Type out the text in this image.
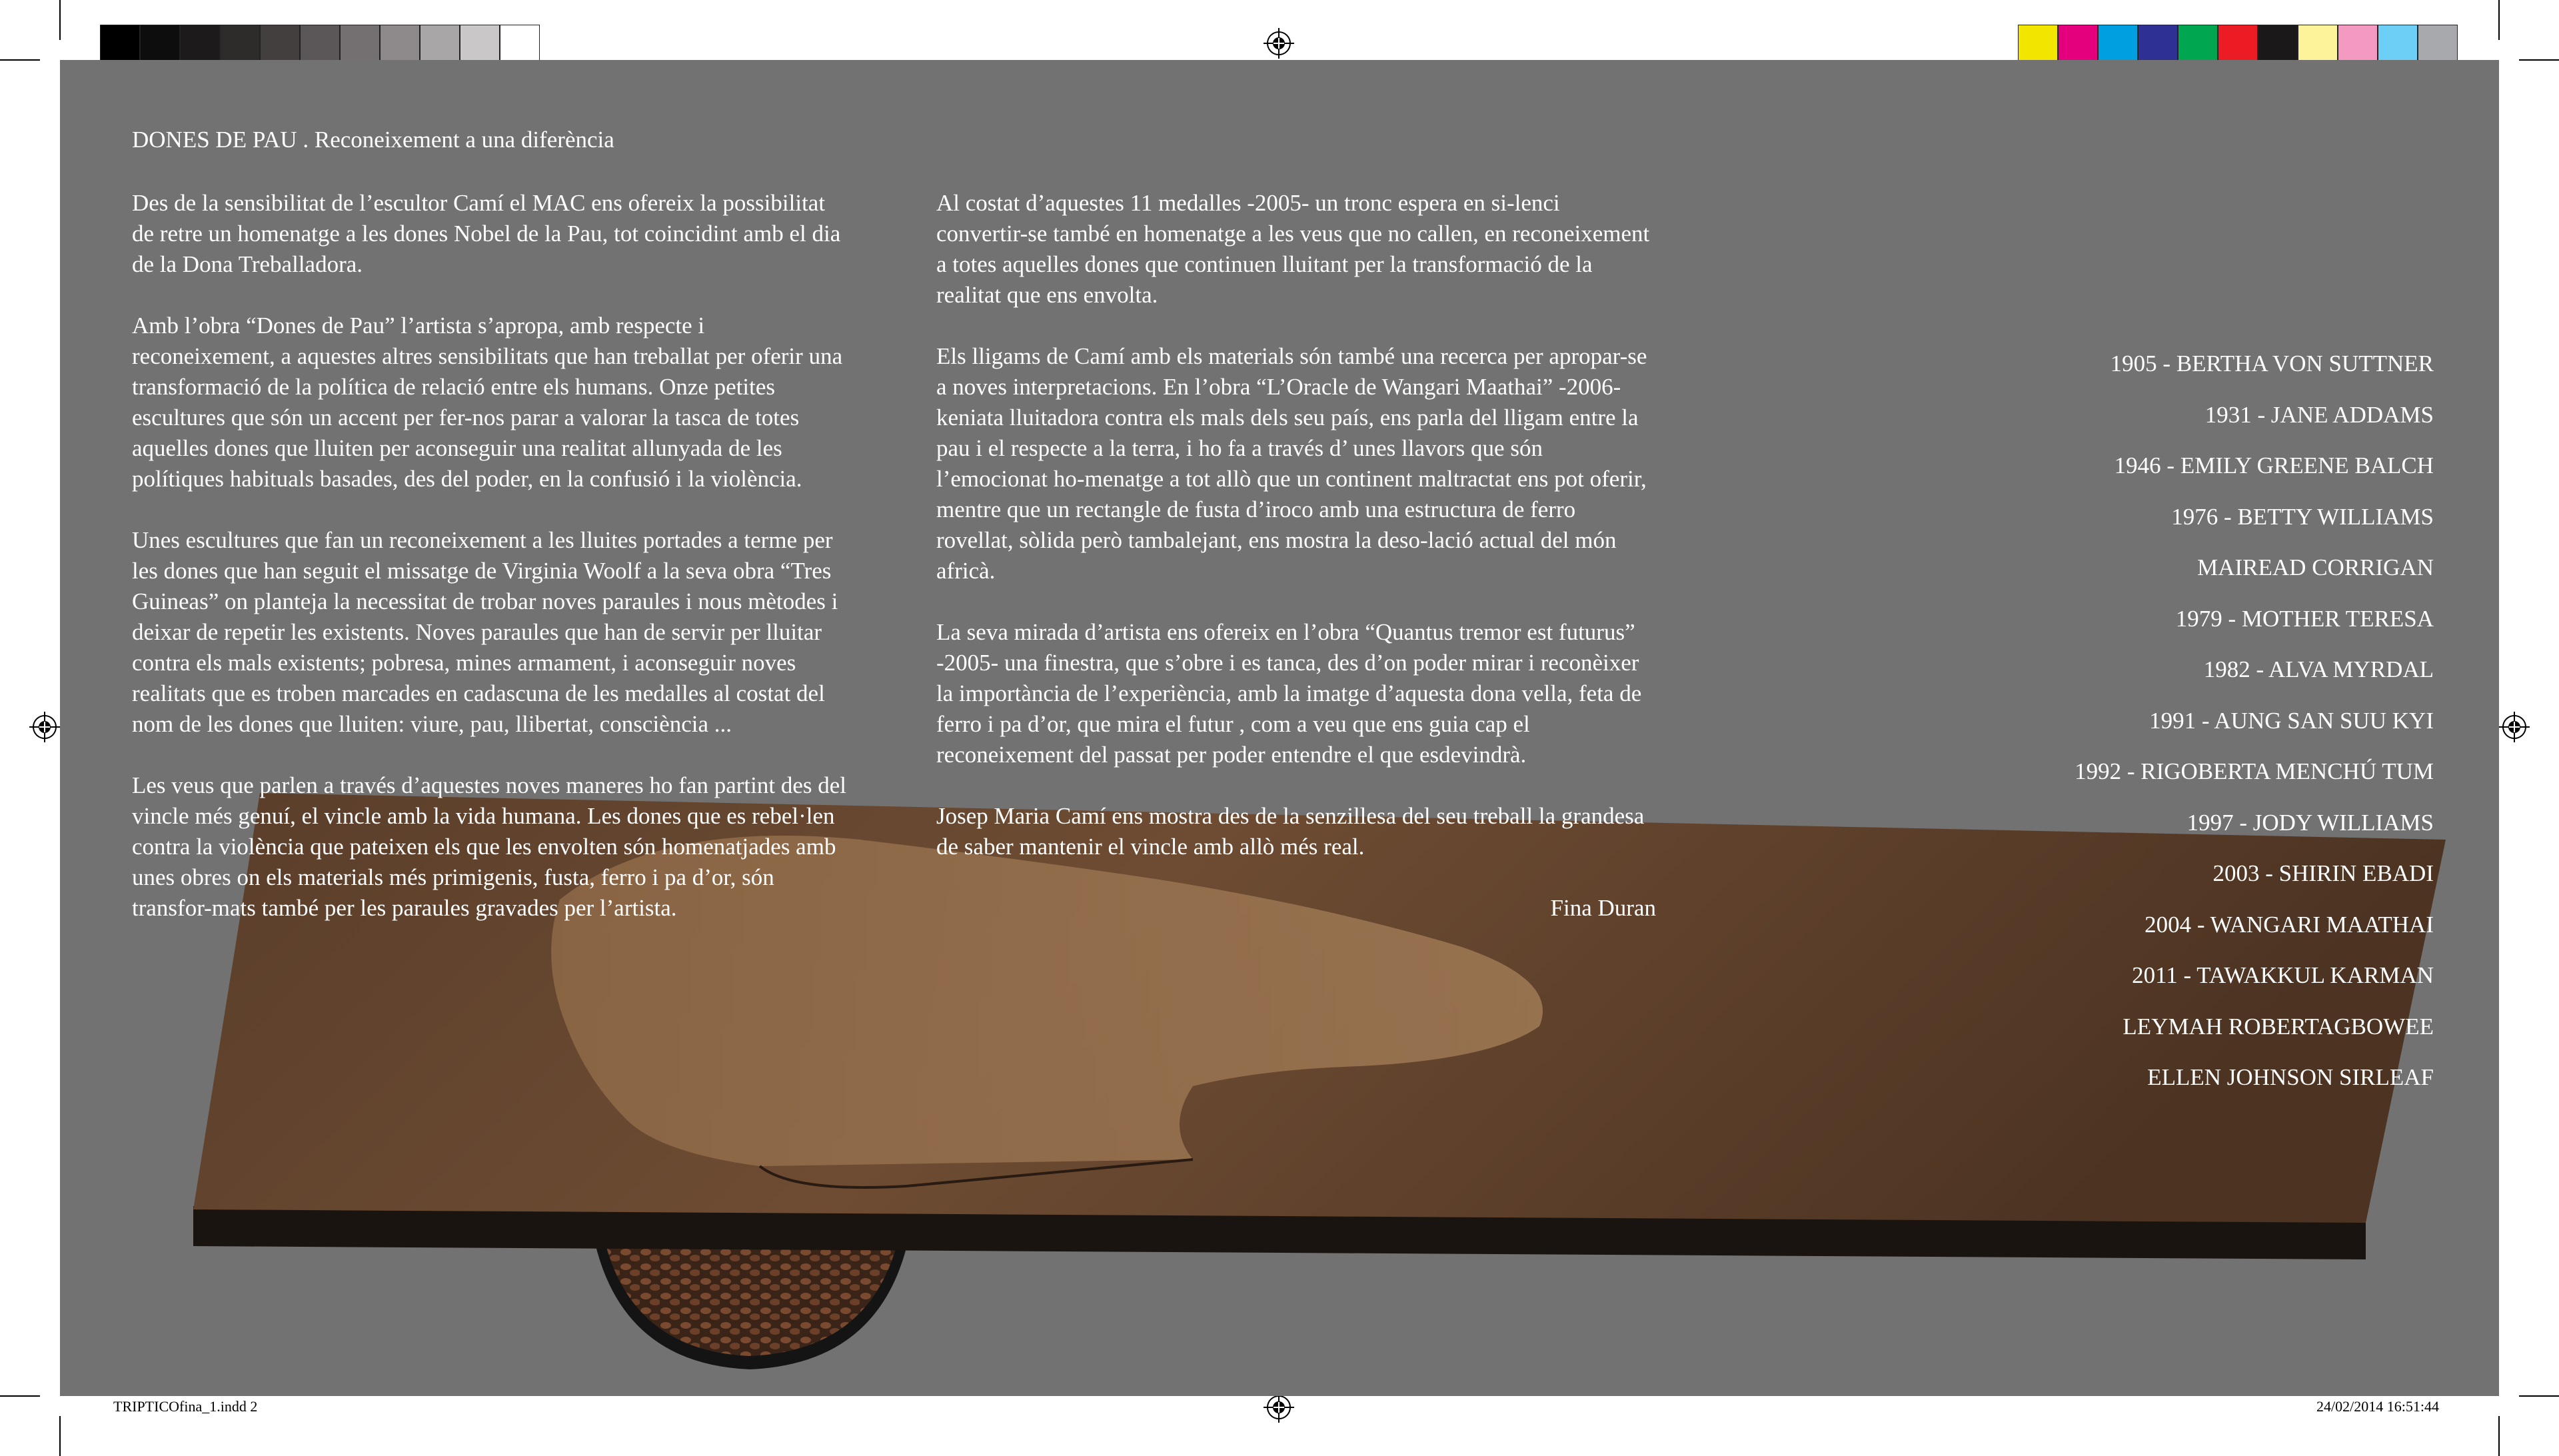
DONES DE PAU . Reconeixement a una diferència

Des de la sensibilitat de l’escultor Camí el MAC ens ofereix la possibilitat de retre un homenatge a les dones Nobel de la Pau, tot coincidint amb el dia de la Dona Treballadora.

Amb l’obra “Dones de Pau” l’artista s’apropa, amb respecte i reconeixement, a aquestes altres sensibilitats que han treballat per oferir una transformació de la política de relació entre els humans. Onze petites escultures que són un accent per fer-nos parar a valorar la tasca de totes aquelles dones que lluiten per aconseguir una realitat allunyada de les polítiques habituals basades, des del poder, en la confusió i la violència.

Unes escultures que fan un reconeixement a les lluites portades a terme per les dones que han seguit el missatge de Virginia Woolf a la seva obra “Tres Guineas” on planteja la necessitat de trobar noves paraules i nous mètodes i deixar de repetir les existents. Noves paraules que han de servir per lluitar contra els mals existents; pobresa, mines armament, i aconseguir noves realitats que es troben marcades en cadascuna de les medalles al costat del nom de les dones que lluiten: viure, pau, llibertat, consciència ...

Les veus que parlen a través d’aquestes noves maneres ho fan partint des del vincle més genuí, el vincle amb la vida humana. Les dones que es rebel·len contra la violència que pateixen els que les envolten són homenatjades amb unes obres on els materials més primigenis, fusta, ferro i pa d’or, són transfor-mats també per les paraules gravades per l’artista.

Al costat d’aquestes 11 medalles -2005- un tronc espera en si-lenci convertir-se també en homenatge a les veus que no callen, en reconeixement a totes aquelles dones que continuen lluitant per la transformació de la realitat que ens envolta.

Els lligams de Camí amb els materials són també una recerca per apropar-se a noves interpretacions. En l’obra “L’Oracle de Wangari Maathai” -2006- keniata lluitadora contra els mals dels seu país, ens parla del lligam entre la pau i el respecte a la terra, i ho fa a través d’ unes llavors que són l’emocionat ho-menatge a tot allò que un continent maltractat ens pot oferir, mentre que un rectangle de fusta d’iroco amb una estructura de ferro rovellat, sòlida però tambalejant, ens mostra la deso-lació actual del món africà.

La seva mirada d’artista ens ofereix en l’obra “Quantus tremor est futurus” -2005- una finestra, que s’obre i es tanca, des d’on poder mirar i reconèixer la importància de l’experiència, amb la imatge d’aquesta dona vella, feta de ferro i pa d’or, que mira el futur , com a veu que ens guia cap el reconeixement del passat per poder entendre el que esdevindrà.

Josep Maria Camí ens mostra des de la senzillesa del seu treball la grandesa de saber mantenir el vincle amb allò més real.

Fina Duran

1905 - BERTHA VON SUTTNER
1931 - JANE ADDAMS
1946 - EMILY GREENE BALCH
1976 - BETTY WILLIAMS
MAIREAD CORRIGAN
1979 - MOTHER TERESA
1982 - ALVA MYRDAL
1991 - AUNG SAN SUU KYI
1992 - RIGOBERTA MENCHÚ TUM
1997 - JODY WILLIAMS
2003 - SHIRIN EBADI
2004 - WANGARI MAATHAI
2011 - TAWAKKUL KARMAN
LEYMAH ROBERTAGBOWEE
ELLEN JOHNSON SIRLEAF
TRIPTICOfina_1.indd 2	24/02/2014 16:51:44
